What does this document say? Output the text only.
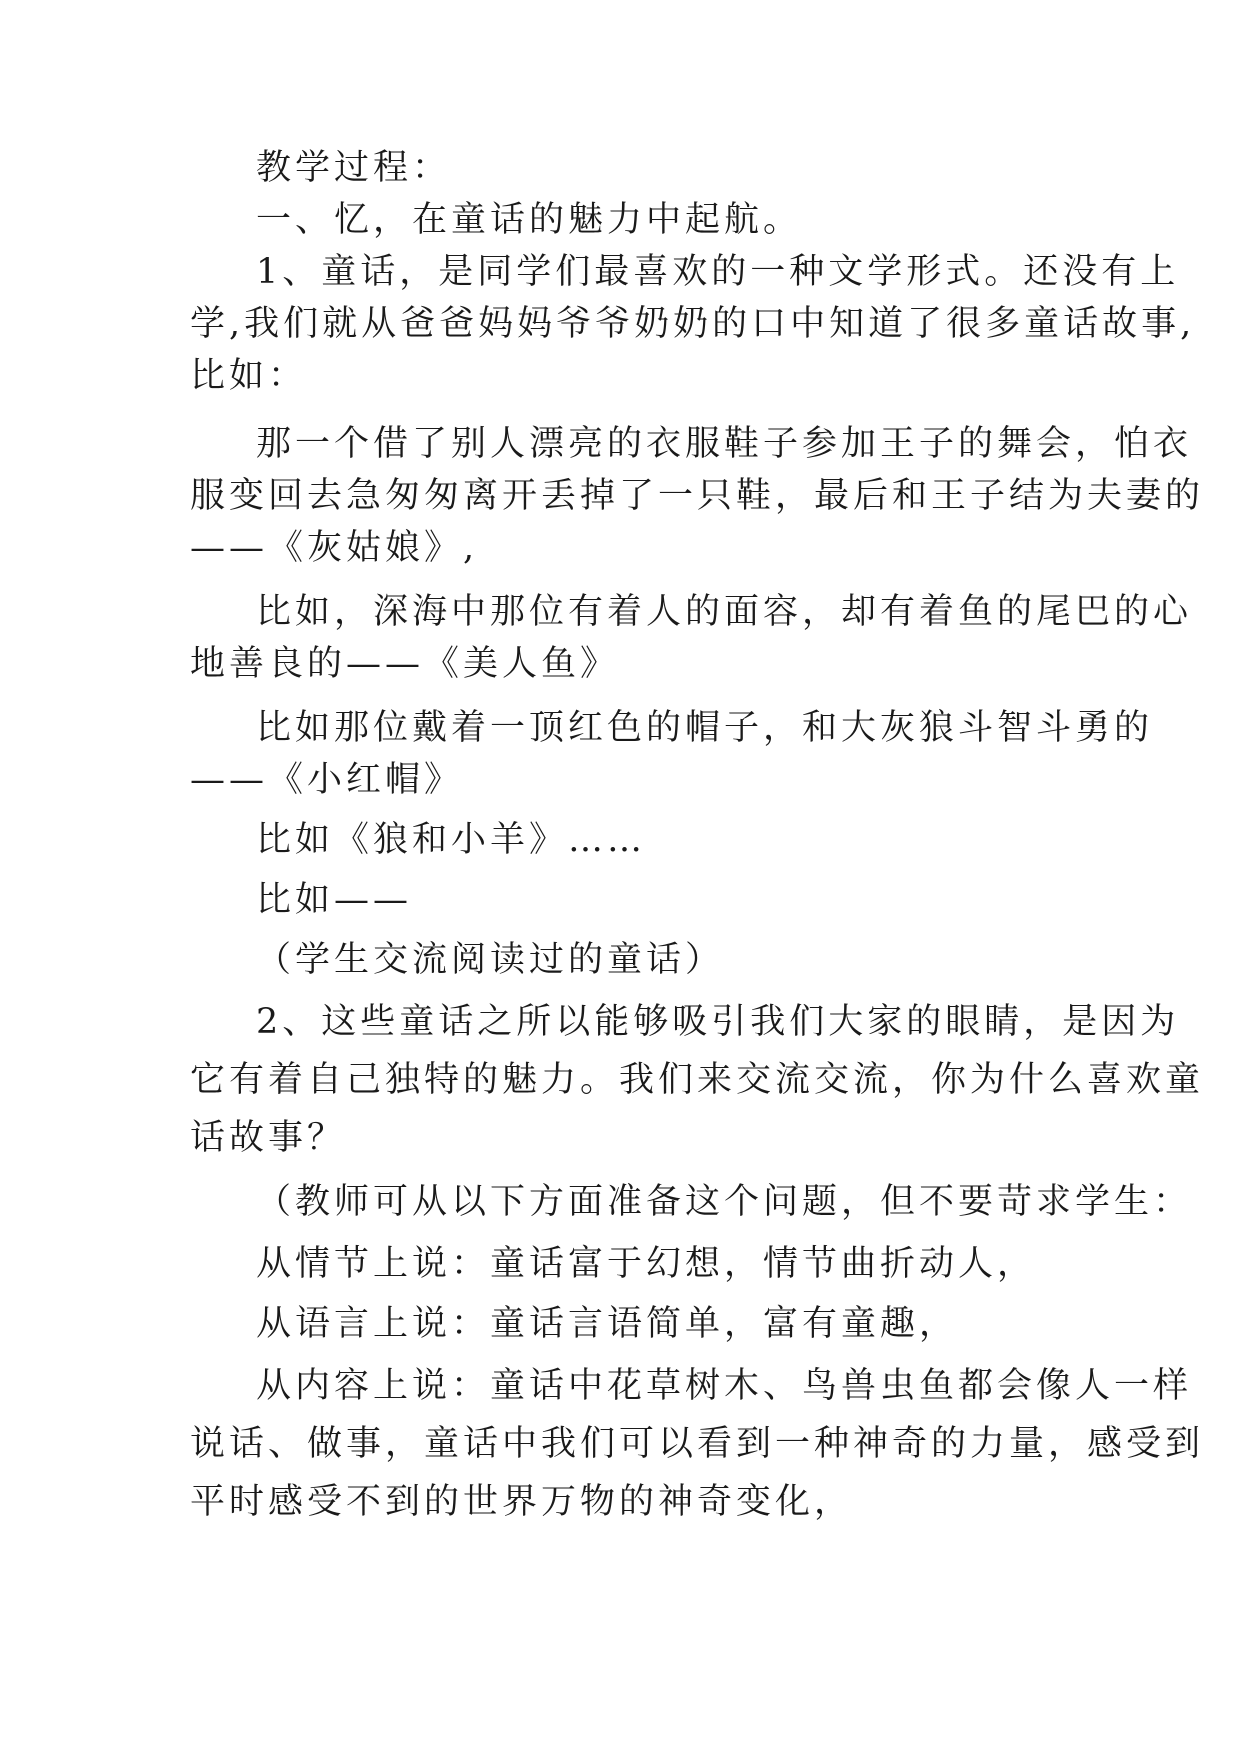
教学过程：
一、忆，在童话的魅力中起航。
1、童话，是同学们最喜欢的一种文学形式。还没有上
学,我们就从爸爸妈妈爷爷奶奶的口中知道了很多童话故事,
比如：
那一个借了别人漂亮的衣服鞋子参加王子的舞会，怕衣
服变回去急匆匆离开丢掉了一只鞋，最后和王子结为夫妻的
——《灰姑娘》,
比如，深海中那位有着人的面容，却有着鱼的尾巴的心
地善良的——《美人鱼》
比如那位戴着一顶红色的帽子，和大灰狼斗智斗勇的
——《小红帽》
比如《狼和小羊》……
比如——
（学生交流阅读过的童话）
2、这些童话之所以能够吸引我们大家的眼睛，是因为
它有着自己独特的魅力。我们来交流交流，你为什么喜欢童
话故事？
（教师可从以下方面准备这个问题，但不要苛求学生：
从情节上说：童话富于幻想，情节曲折动人，
从语言上说：童话言语简单，富有童趣，
从内容上说：童话中花草树木、鸟兽虫鱼都会像人一样
说话、做事，童话中我们可以看到一种神奇的力量，感受到
平时感受不到的世界万物的神奇变化，
